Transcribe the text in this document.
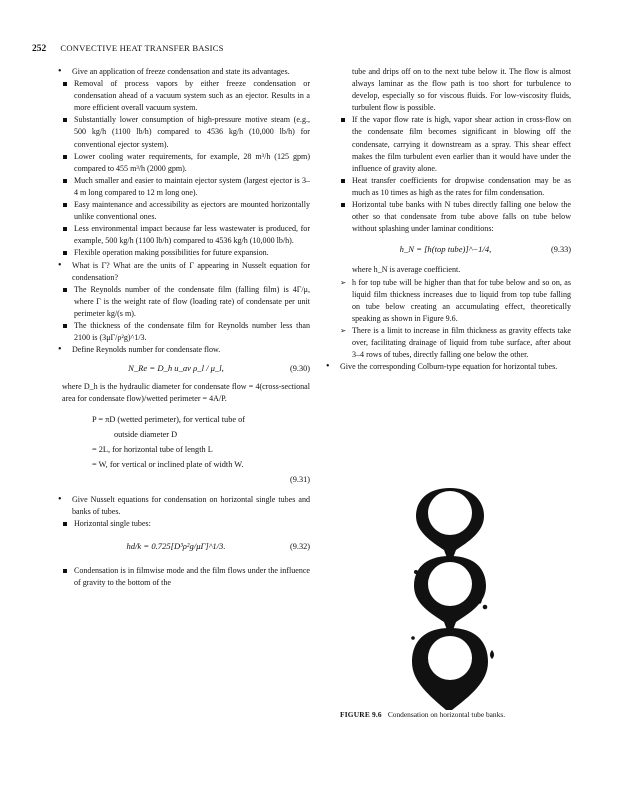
252 CONVECTIVE HEAT TRANSFER BASICS

• Give an application of freeze condensation and state its advantages.

Removal of process vapors by either freeze condensation or condensation ahead of a vacuum system such as an ejector. Results in a more efficient overall vacuum system.

Substantially lower consumption of high-pressure motive steam (e.g., 500 kg/h (1100 lb/h) compared to 4536 kg/h (10,000 lb/h) for conventional ejector system).

Lower cooling water requirements, for example, 28 m³/h (125 gpm) compared to 455 m³/h (2000 gpm).

Much smaller and easier to maintain ejector system (largest ejector is 3–4 m long compared to 12 m long one).

Easy maintenance and accessibility as ejectors are mounted horizontally unlike conventional ones.

Less environmental impact because far less wastewater is produced, for example, 500 kg/h (1100 lb/h) compared to 4536 kg/h (10,000 lb/h).

Flexible operation making possibilities for future expansion.

• What is Γ? What are the units of Γ appearing in Nusselt equation for condensation?

The Reynolds number of the condensate film (falling film) is 4Γ/μ, where Γ is the weight rate of flow (loading rate) of condensate per unit perimeter kg/(s m).

The thickness of the condensate film for Reynolds number less than 2100 is (3μΓ/ρ²g)^1/3.

• Define Reynolds number for condensate flow.

N_Re = D_h u_av ρ_l / μ_l,	(9.30)

where D_h is the hydraulic diameter for condensate flow = 4(cross-sectional area for condensate flow)/wetted perimeter = 4A/P.

P = πD (wetted perimeter), for vertical tube of
outside diameter D
= 2L, for horizontal tube of length L
= W, for vertical or inclined plate of width W.
(9.31)

• Give Nusselt equations for condensation on horizontal single tubes and banks of tubes.

Horizontal single tubes:

hd/k = 0.725[D³ρ²g/μΓ]^1/3.	(9.32)

Condensation is in filmwise mode and the film flows under the influence of gravity to the bottom of the

tube and drips off on to the next tube below it. The flow is almost always laminar as the flow path is too short for turbulence to develop, especially so for viscous fluids. For low-viscosity fluids, turbulent flow is possible.

If the vapor flow rate is high, vapor shear action in cross-flow on the condensate film becomes significant in blowing off the condensate, carrying it downstream as a spray. This shear effect makes the film turbulent even earlier than it would have under the influence of gravity alone.

Heat transfer coefficients for dropwise condensation may be as much as 10 times as high as the rates for film condensation.

Horizontal tube banks with N tubes directly falling one below the other so that condensate from tube above falls on tube below without splashing under laminar conditions:

h_N = [h(top tube)]^−1/4,	(9.33)

where h_N is average coefficient.

➢ h for top tube will be higher than that for tube below and so on, as liquid film thickness increases due to liquid from top tube falling on tube below creating an accumulating effect, theoretically speaking as shown in Figure 9.6.

➢ There is a limit to increase in film thickness as gravity effects take over, facilitating drainage of liquid from tube surface, after about 3–4 rows of tubes, directly falling one below the other.

• Give the corresponding Colburn-type equation for horizontal tubes.

FIGURE 9.6 Condensation on horizontal tube banks.
